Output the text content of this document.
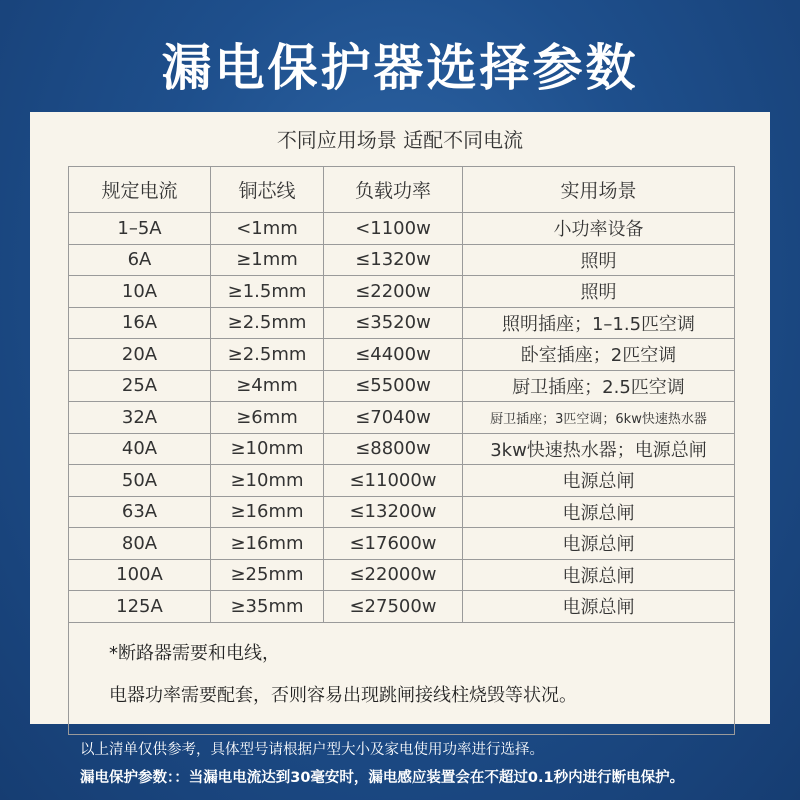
漏电保护器选择参数
不同应用场景 适配不同电流
规定电流	铜芯线	负载功率	实用场景
1–5A	<1mm	<1100w	小功率设备
6A	≥1mm	≤1320w	照明
10A	≥1.5mm	≤2200w	照明
16A	≥2.5mm	≤3520w	照明插座；1–1.5匹空调
20A	≥2.5mm	≤4400w	卧室插座；2匹空调
25A	≥4mm	≤5500w	厨卫插座；2.5匹空调
32A	≥6mm	≤7040w	厨卫插座；3匹空调；6kw快速热水器
40A	≥10mm	≤8800w	3kw快速热水器；电源总闸
50A	≥10mm	≤11000w	电源总闸
63A	≥16mm	≤13200w	电源总闸
80A	≥16mm	≤17600w	电源总闸
100A	≥25mm	≤22000w	电源总闸
125A	≥35mm	≤27500w	电源总闸

*断路器需要和电线，
电器功率需要配套，否则容易出现跳闸接线柱烧毁等状况。			
以上清单仅供参考，具体型号请根据户型大小及家电使用功率进行选择。
漏电保护参数：：当漏电电流达到30毫安时，漏电感应装置会在不超过0.1秒内进行断电保护。
